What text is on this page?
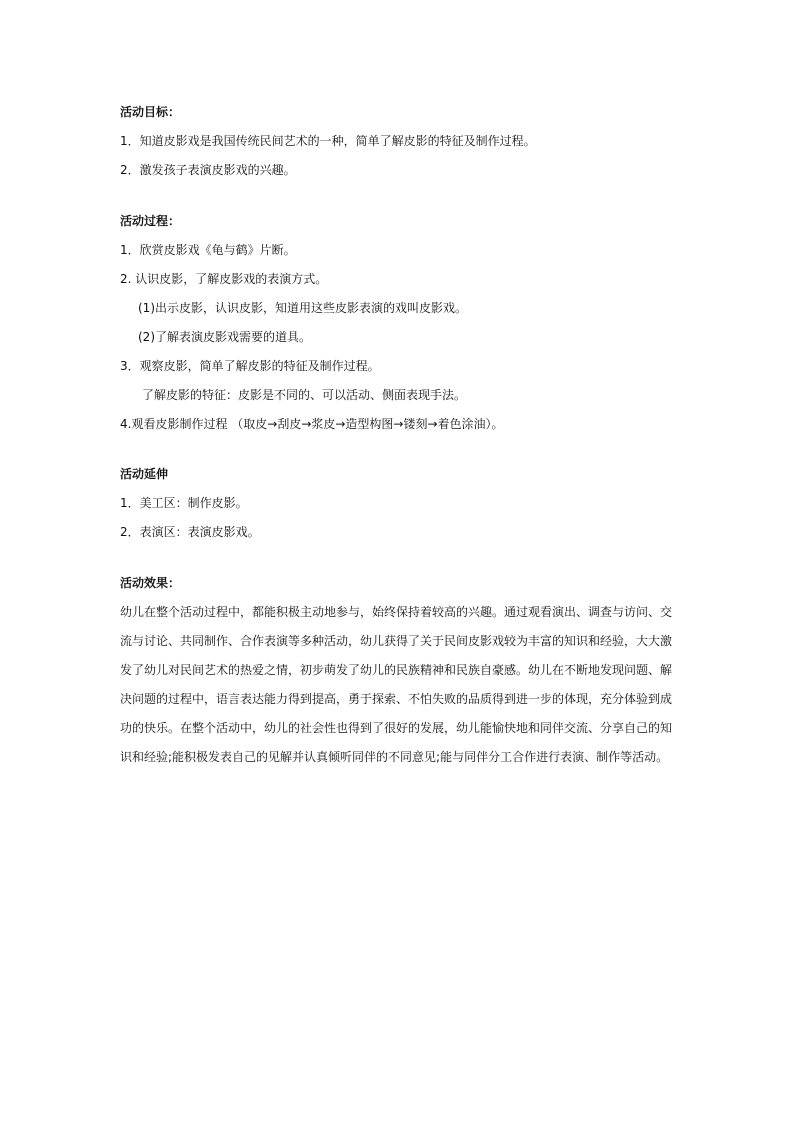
活动目标：
1．知道皮影戏是我国传统民间艺术的一种，简单了解皮影的特征及制作过程。
2．激发孩子表演皮影戏的兴趣。
活动过程：
1．欣赏皮影戏《龟与鹤》片断。
2. 认识皮影，了解皮影戏的表演方式。
(1)出示皮影，认识皮影，知道用这些皮影表演的戏叫皮影戏。
(2)了解表演皮影戏需要的道具。
3．观察皮影，简单了解皮影的特征及制作过程。
了解皮影的特征：皮影是不同的、可以活动、侧面表现手法。
4.观看皮影制作过程 （取皮→刮皮→浆皮→造型构图→镂刻→着色涂油）。
活动延伸
1．美工区：制作皮影。
2．表演区：表演皮影戏。
活动效果：
幼儿在整个活动过程中，都能积极主动地参与，始终保持着较高的兴趣。通过观看演出、调查与访问、交
流与讨论、共同制作、合作表演等多种活动，幼儿获得了关于民间皮影戏较为丰富的知识和经验，大大激
发了幼儿对民间艺术的热爱之情，初步萌发了幼儿的民族精神和民族自豪感。幼儿在不断地发现问题、解
决问题的过程中，语言表达能力得到提高，勇于探索、不怕失败的品质得到进一步的体现，充分体验到成
功的快乐。在整个活动中，幼儿的社会性也得到了很好的发展，幼儿能愉快地和同伴交流、分享自己的知
识和经验;能积极发表自己的见解并认真倾听同伴的不同意见;能与同伴分工合作进行表演、制作等活动。
